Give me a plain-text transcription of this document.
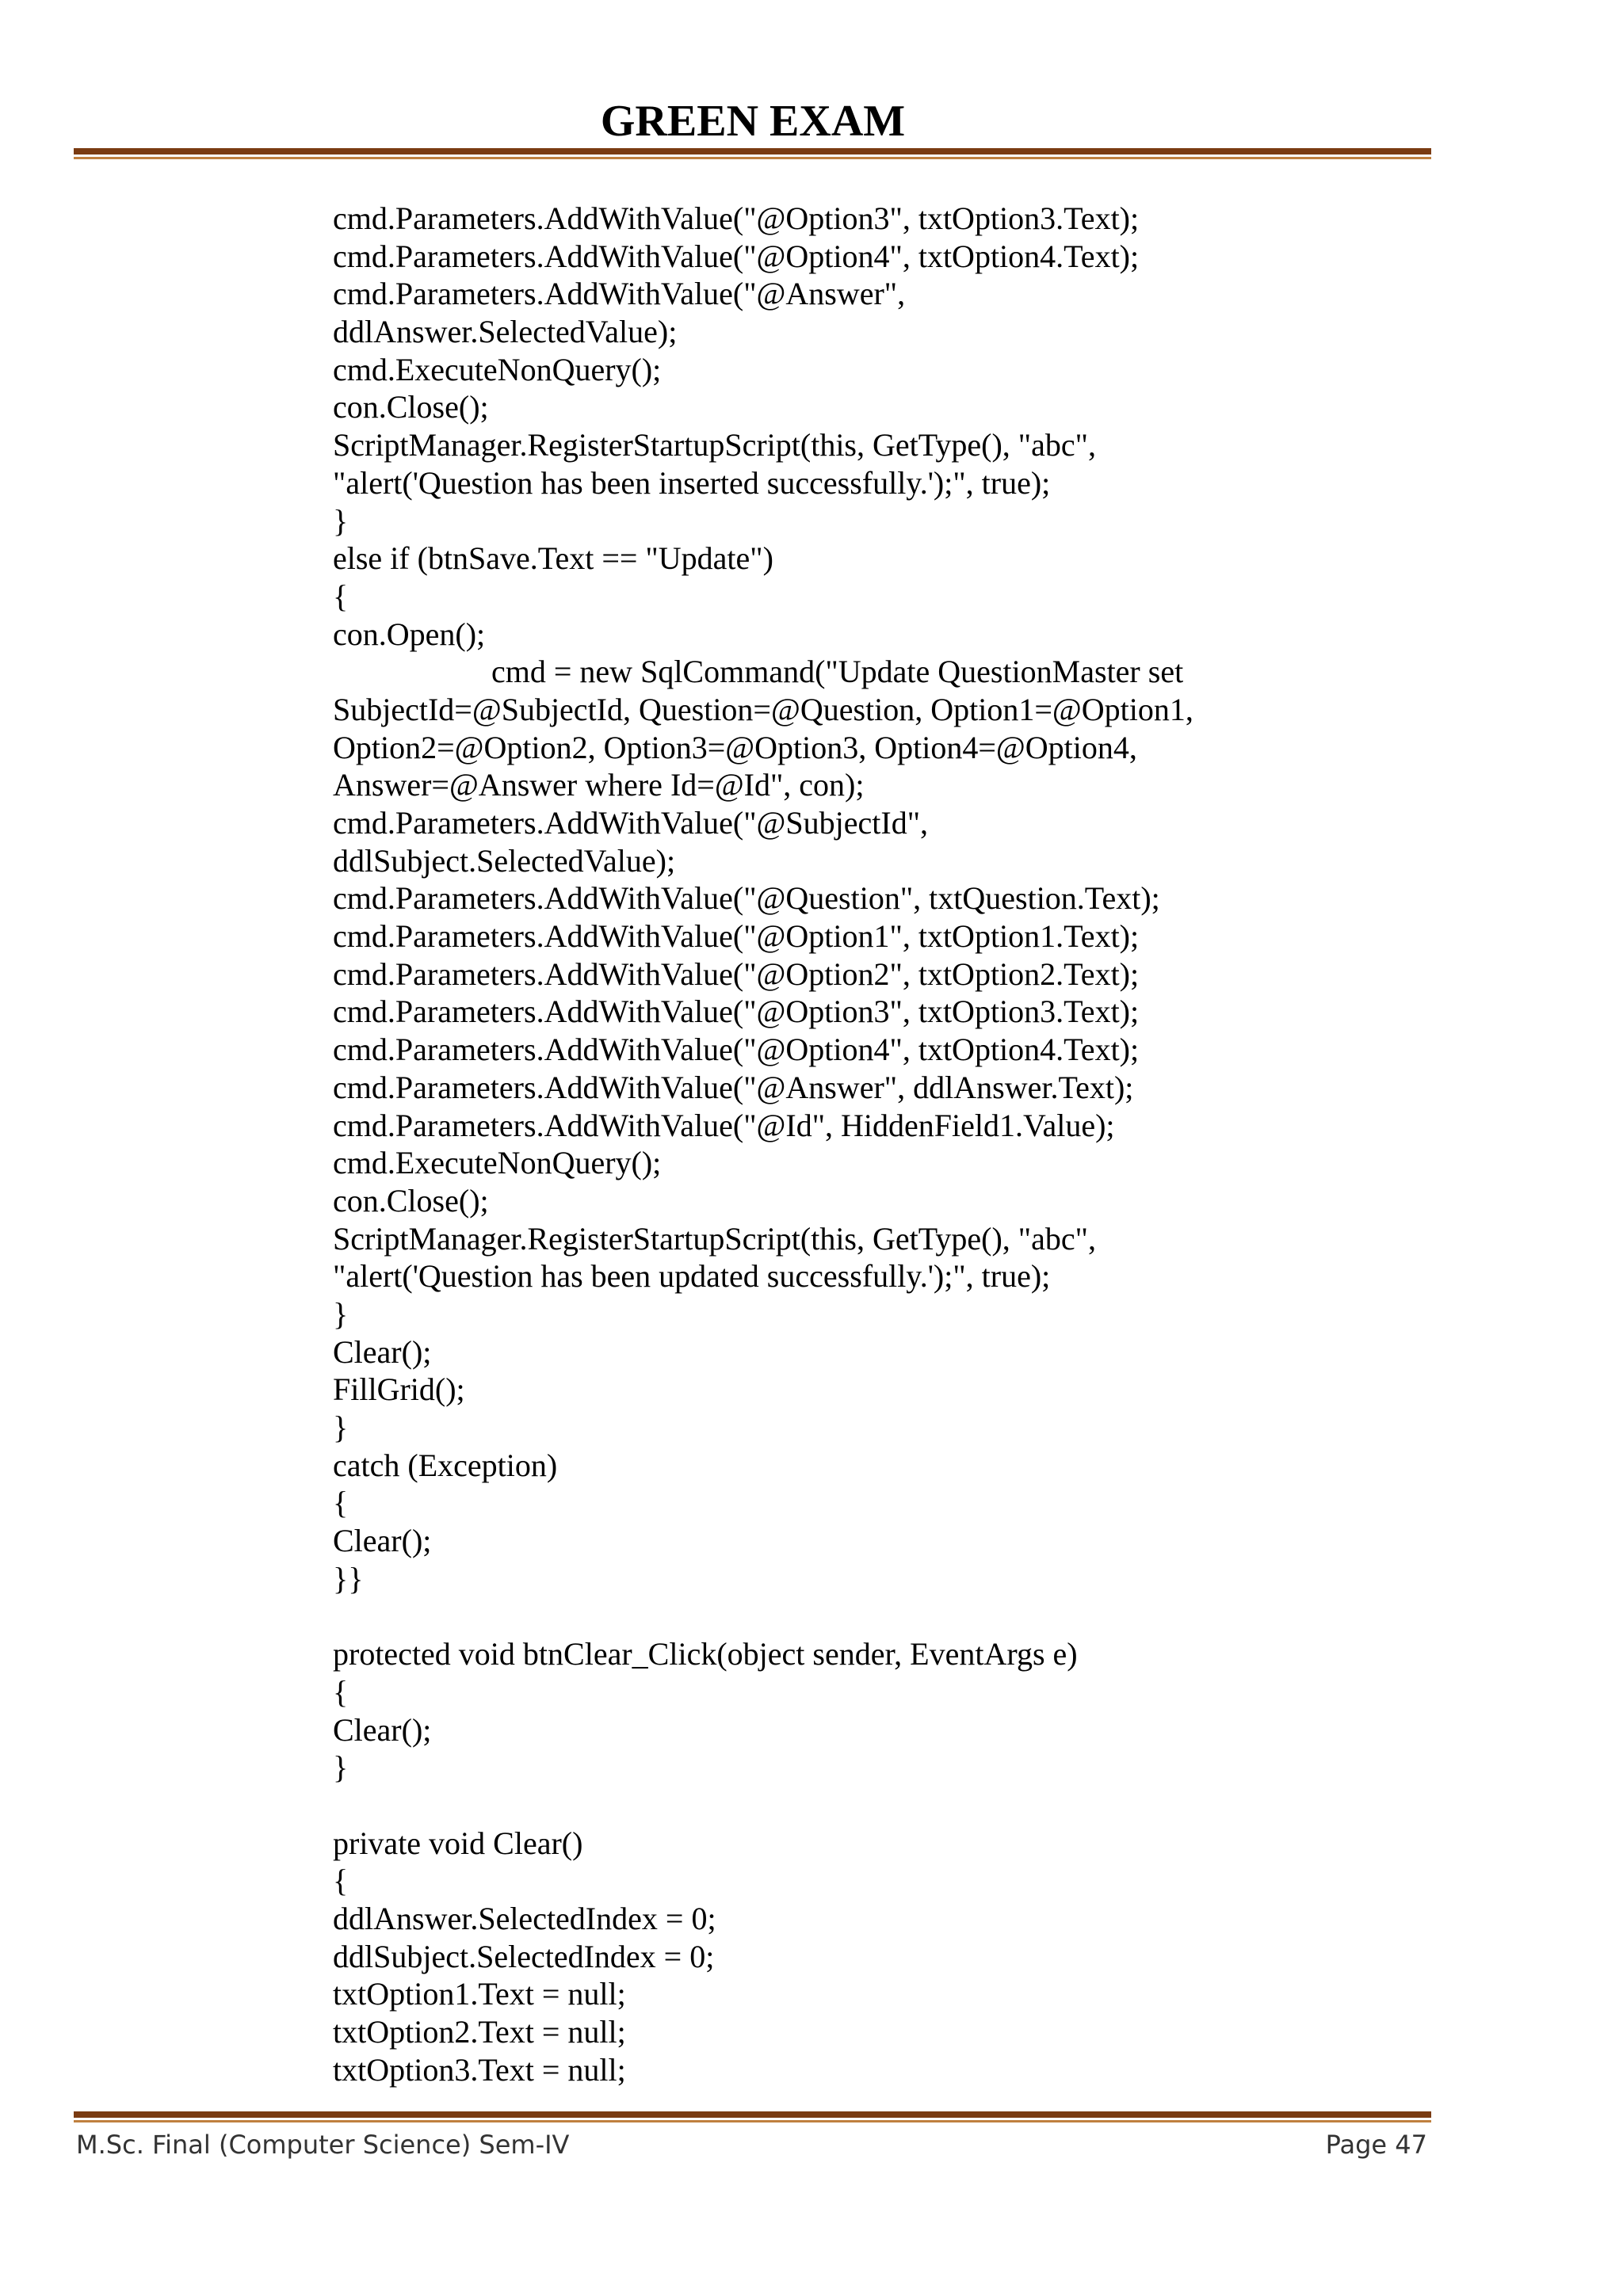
GREEN EXAM
cmd.Parameters.AddWithValue("@Option3", txtOption3.Text);
cmd.Parameters.AddWithValue("@Option4", txtOption4.Text);
cmd.Parameters.AddWithValue("@Answer",
ddlAnswer.SelectedValue);
cmd.ExecuteNonQuery();
con.Close();
ScriptManager.RegisterStartupScript(this, GetType(), "abc",
"alert('Question has been inserted successfully.');", true);
}
else if (btnSave.Text == "Update")
{
con.Open();
cmd = new SqlCommand("Update QuestionMaster set
SubjectId=@SubjectId, Question=@Question, Option1=@Option1,
Option2=@Option2, Option3=@Option3, Option4=@Option4,
Answer=@Answer where Id=@Id", con);
cmd.Parameters.AddWithValue("@SubjectId",
ddlSubject.SelectedValue);
cmd.Parameters.AddWithValue("@Question", txtQuestion.Text);
cmd.Parameters.AddWithValue("@Option1", txtOption1.Text);
cmd.Parameters.AddWithValue("@Option2", txtOption2.Text);
cmd.Parameters.AddWithValue("@Option3", txtOption3.Text);
cmd.Parameters.AddWithValue("@Option4", txtOption4.Text);
cmd.Parameters.AddWithValue("@Answer", ddlAnswer.Text);
cmd.Parameters.AddWithValue("@Id", HiddenField1.Value);
cmd.ExecuteNonQuery();
con.Close();
ScriptManager.RegisterStartupScript(this, GetType(), "abc",
"alert('Question has been updated successfully.');", true);
}
Clear();
FillGrid();
}
catch (Exception)
{
Clear();
}}
protected void btnClear_Click(object sender, EventArgs e)
{
Clear();
}
private void Clear()
{
ddlAnswer.SelectedIndex = 0;
ddlSubject.SelectedIndex = 0;
txtOption1.Text = null;
txtOption2.Text = null;
txtOption3.Text = null;
M.Sc. Final (Computer Science) Sem-IV	Page 47
